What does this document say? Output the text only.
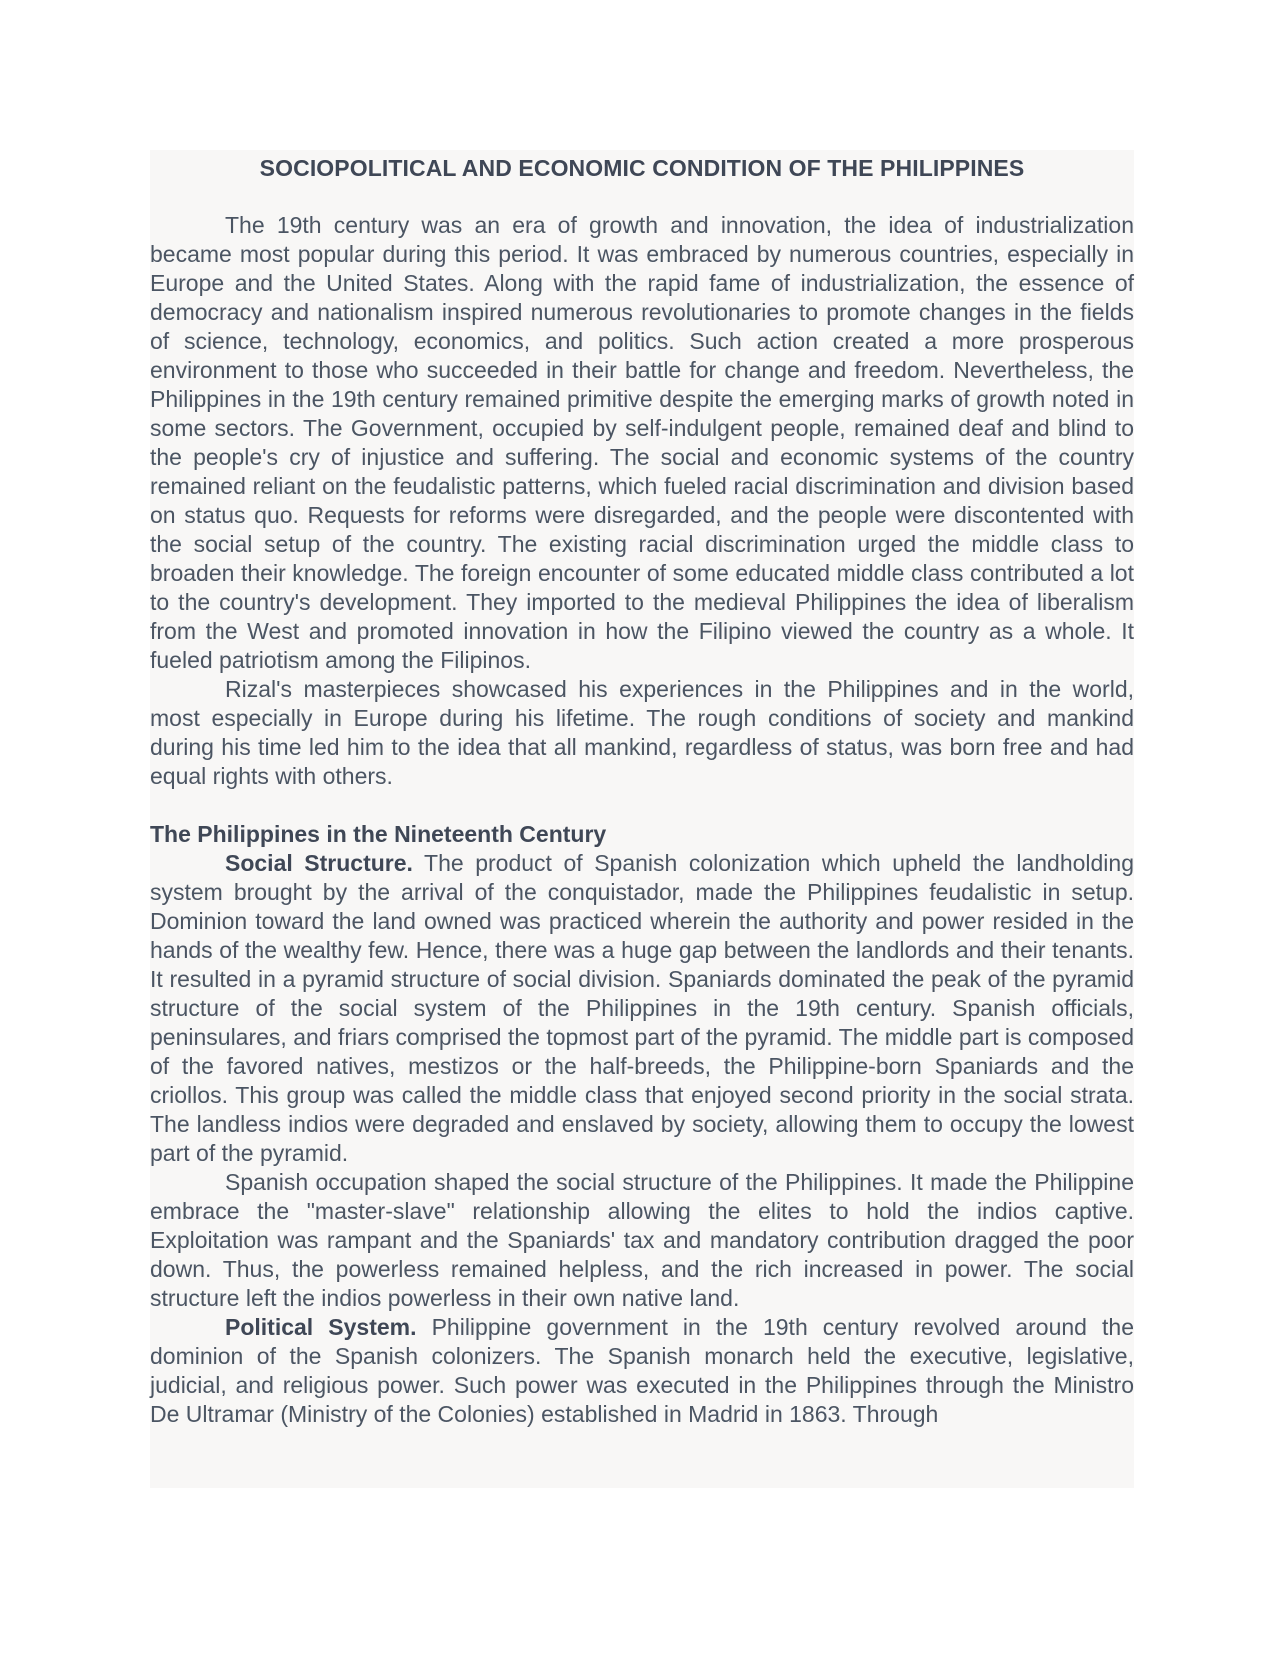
SOCIOPOLITICAL AND ECONOMIC CONDITION OF THE PHILIPPINES

The 19th century was an era of growth and innovation, the idea of industrialization became most popular during this period. It was embraced by numerous countries, especially in Europe and the United States. Along with the rapid fame of industrialization, the essence of democracy and nationalism inspired numerous revolutionaries to promote changes in the fields of science, technology, economics, and politics. Such action created a more prosperous environment to those who succeeded in their battle for change and freedom. Nevertheless, the Philippines in the 19th century remained primitive despite the emerging marks of growth noted in some sectors. The Government, occupied by self-indulgent people, remained deaf and blind to the people's cry of injustice and suffering. The social and economic systems of the country remained reliant on the feudalistic patterns, which fueled racial discrimination and division based on status quo. Requests for reforms were disregarded, and the people were discontented with the social setup of the country. The existing racial discrimination urged the middle class to broaden their knowledge. The foreign encounter of some educated middle class contributed a lot to the country's development. They imported to the medieval Philippines the idea of liberalism from the West and promoted innovation in how the Filipino viewed the country as a whole. It fueled patriotism among the Filipinos.

Rizal's masterpieces showcased his experiences in the Philippines and in the world, most especially in Europe during his lifetime. The rough conditions of society and mankind during his time led him to the idea that all mankind, regardless of status, was born free and had equal rights with others.

The Philippines in the Nineteenth Century

Social Structure. The product of Spanish colonization which upheld the landholding system brought by the arrival of the conquistador, made the Philippines feudalistic in setup. Dominion toward the land owned was practiced wherein the authority and power resided in the hands of the wealthy few. Hence, there was a huge gap between the landlords and their tenants. It resulted in a pyramid structure of social division. Spaniards dominated the peak of the pyramid structure of the social system of the Philippines in the 19th century. Spanish officials, peninsulares, and friars comprised the topmost part of the pyramid. The middle part is composed of the favored natives, mestizos or the half-breeds, the Philippine-born Spaniards and the criollos. This group was called the middle class that enjoyed second priority in the social strata. The landless indios were degraded and enslaved by society, allowing them to occupy the lowest part of the pyramid.

Spanish occupation shaped the social structure of the Philippines. It made the Philippine embrace the "master-slave" relationship allowing the elites to hold the indios captive. Exploitation was rampant and the Spaniards' tax and mandatory contribution dragged the poor down. Thus, the powerless remained helpless, and the rich increased in power. The social structure left the indios powerless in their own native land.

Political System. Philippine government in the 19th century revolved around the dominion of the Spanish colonizers. The Spanish monarch held the executive, legislative, judicial, and religious power. Such power was executed in the Philippines through the Ministro De Ultramar (Ministry of the Colonies) established in Madrid in 1863. Through
